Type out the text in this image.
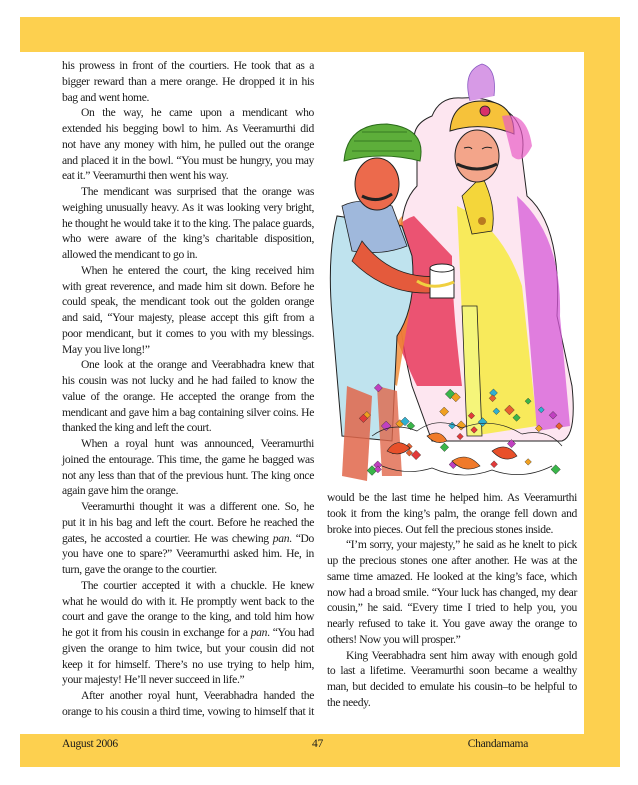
his prowess in front of the courtiers. He took that as a
bigger reward than a mere orange. He dropped it in his
bag and went home.
On the way, he came upon a mendicant who
extended his begging bowl to him. As Veeramurthi did
not have any money with him, he pulled out the orange
and placed it in the bowl. “You must be hungry, you may
eat it.” Veeramurthi then went his way.
The mendicant was surprised that the orange was
weighing unusually heavy. As it was looking very bright,
he thought he would take it to the king. The palace guards,
who were aware of the king’s charitable disposition,
allowed the mendicant to go in.
When he entered the court, the king received him
with great reverence, and made him sit down. Before he
could speak, the mendicant took out the golden orange
and said, “Your majesty, please accept this gift from a
poor mendicant, but it comes to you with my blessings.
May you live long!”
One look at the orange and Veerabhadra knew that
his cousin was not lucky and he had failed to know the
value of the orange. He accepted the orange from the
mendicant and gave him a bag containing silver coins. He
thanked the king and left the court.
When a royal hunt was announced, Veeramurthi
joined the entourage. This time, the game he bagged was
not any less than that of the previous hunt. The king once
again gave him the orange.
Veeramurthi thought it was a different one. So, he
put it in his bag and left the court. Before he reached the
gates, he accosted a courtier. He was chewing pan. “Do
you have one to spare?” Veeramurthi asked him. He, in
turn, gave the orange to the courtier.
The courtier accepted it with a chuckle. He knew
what he would do with it. He promptly went back to the
court and gave the orange to the king, and told him how
he got it from his cousin in exchange for a pan. “You had
given the orange to him twice, but your cousin did not
keep it for himself. There’s no use trying to help him,
your majesty! He’ll never succeed in life.”
After another royal hunt, Veerabhadra handed the
orange to his cousin a third time, vowing to himself that it
would be the last time he helped him. As Veeramurthi
took it from the king’s palm, the orange fell down and
broke into pieces. Out fell the precious stones inside.
“I’m sorry, your majesty,” he said as he knelt to pick
up the precious stones one after another. He was at the
same time amazed. He looked at the king’s face, which
now had a broad smile. “Your luck has changed, my dear
cousin,” he said. “Every time I tried to help you, you
nearly refused to take it. You gave away the orange to
others! Now you will prosper.”
King Veerabhadra sent him away with enough gold
to last a lifetime. Veeramurthi soon became a wealthy
man, but decided to emulate his cousin–to be helpful to
the needy.
August 2006	47	Chandamama
